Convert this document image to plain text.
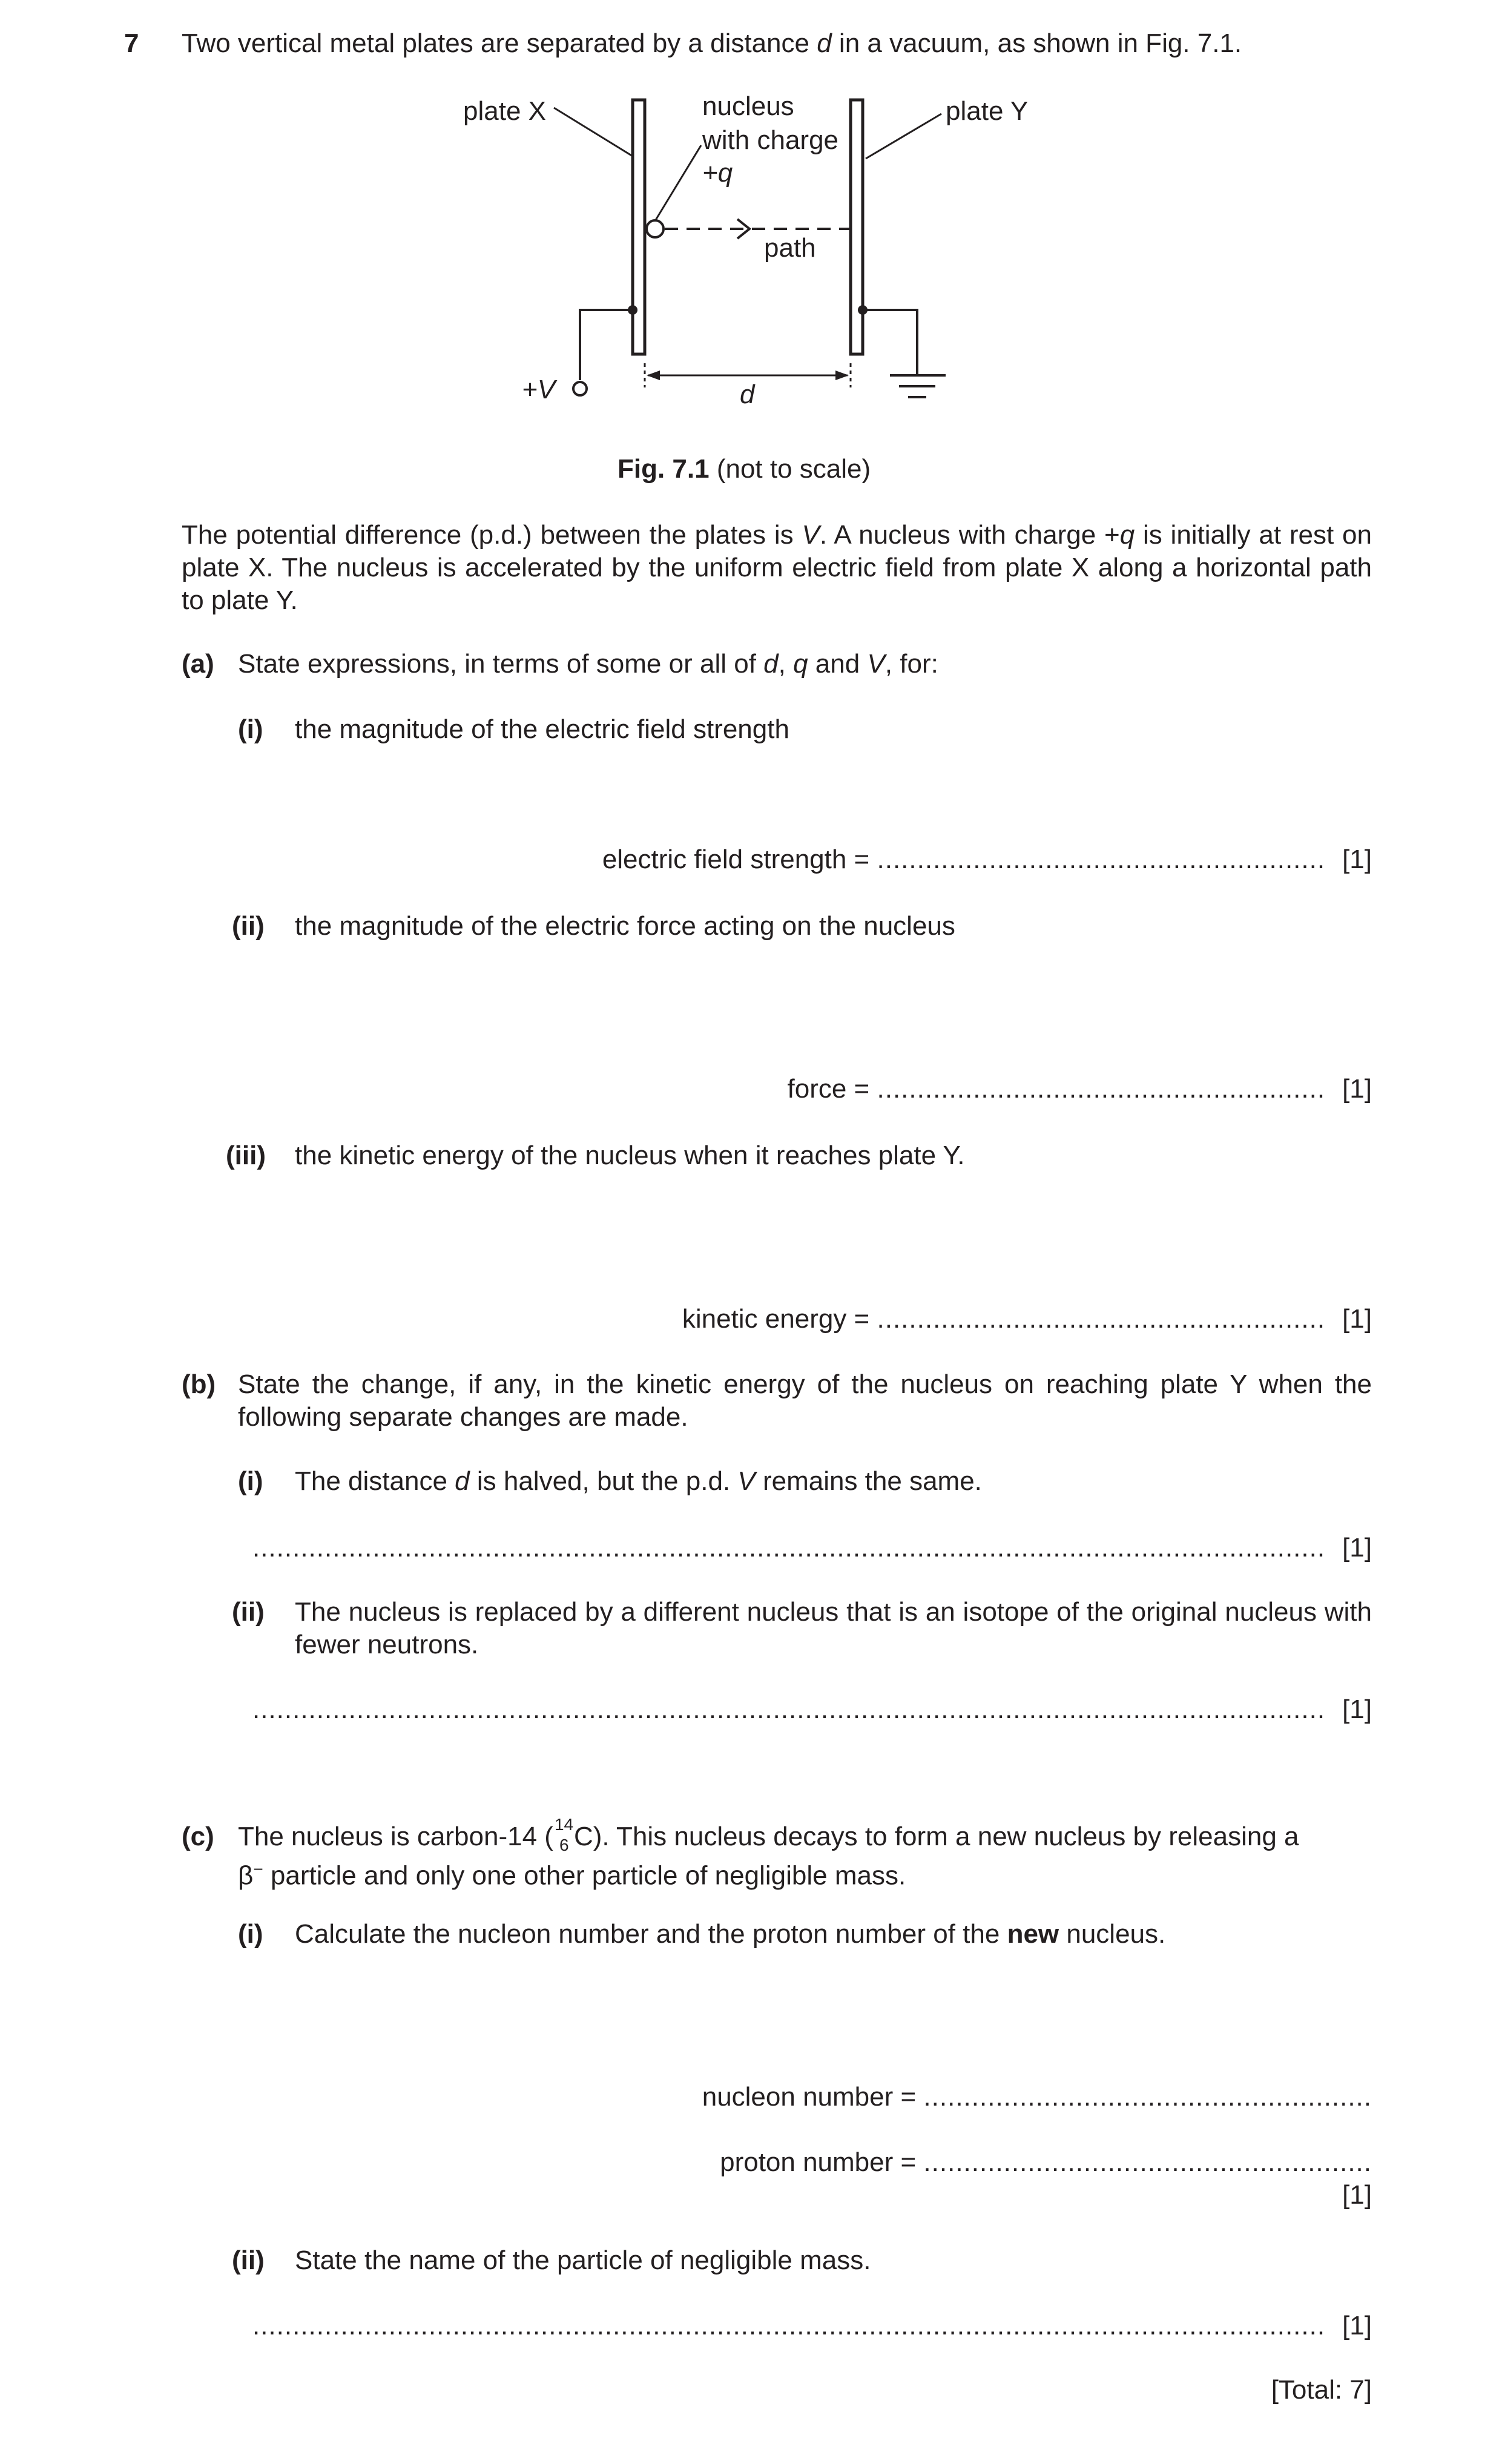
plate X	plate Y
nucleus
with charge
+q
path
+V	d
7 Two vertical metal plates are separated by a distance d in a vacuum, as shown in Fig. 7.1.
Fig. 7.1 (not to scale)
The potential difference (p.d.) between the plates is V. A nucleus with charge +q is initially at rest on plate X. The nucleus is accelerated by the uniform electric field from plate X along a horizontal path to plate Y.
(a) State expressions, in terms of some or all of d, q and V, for:
(i) the magnitude of the electric field strength
electric field strength =
........................................................ [1]
(ii) the magnitude of the electric force acting on the nucleus
force =
........................................................ [1]
(iii) the kinetic energy of the nucleus when it reaches plate Y.
kinetic energy =
........................................................ [1]
(b) State the change, if any, in the kinetic energy of the nucleus on reaching plate Y when the following separate changes are made.
(i) The distance d is halved, but the p.d. V remains the same.
...................................................................................................................................... [1]
(ii) The nucleus is replaced by a different nucleus that is an isotope of the original nucleus with fewer neutrons.
...................................................................................................................................... [1]
(c) The nucleus is carbon-14 ( 14
6 C). This nucleus decays to form a new nucleus by releasing a
β− particle and only one other particle of negligible mass.
(i) Calculate the nucleon number and the proton number of the new nucleus.
nucleon number =
........................................................
proton number =
........................................................
[1]
(ii) State the name of the particle of negligible mass.
...................................................................................................................................... [1]
[Total: 7]
